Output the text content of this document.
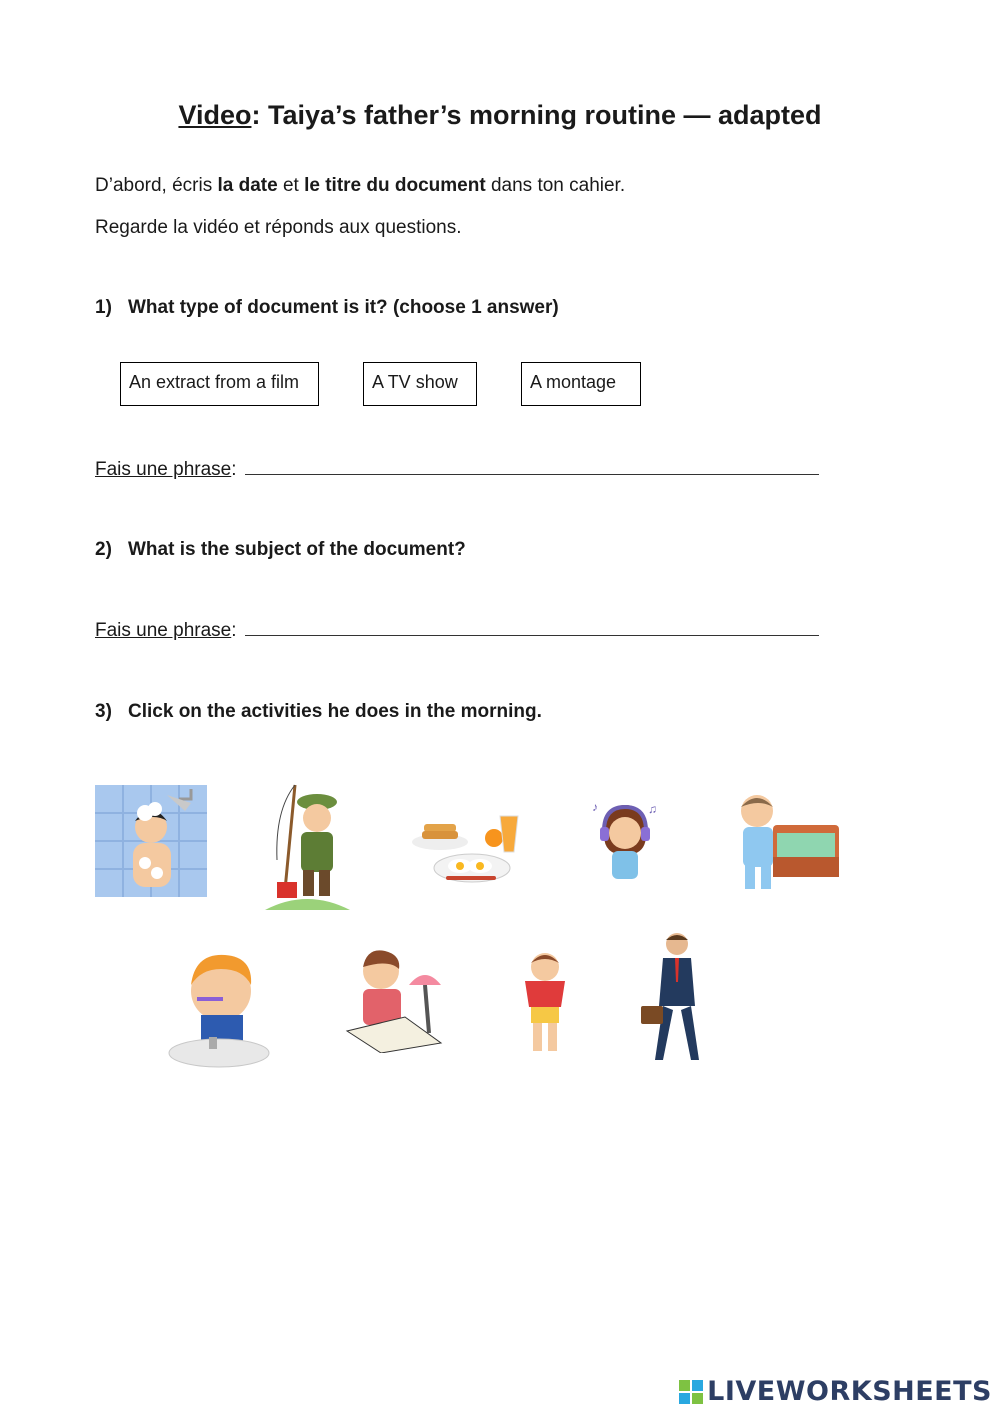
Video: Taiya’s father’s morning routine — adapted

D’abord, écris la date et le titre du document dans ton cahier.

Regarde la vidéo et réponds aux questions.

1) What type of document is it? (choose 1 answer)

An extract from a film	A TV show	A montage
Fais une phrase:

2) What is the subject of the document?

Fais une phrase:

3) Click on the activities he does in the morning.

♪	♫
LIVEWORKSHEETS
